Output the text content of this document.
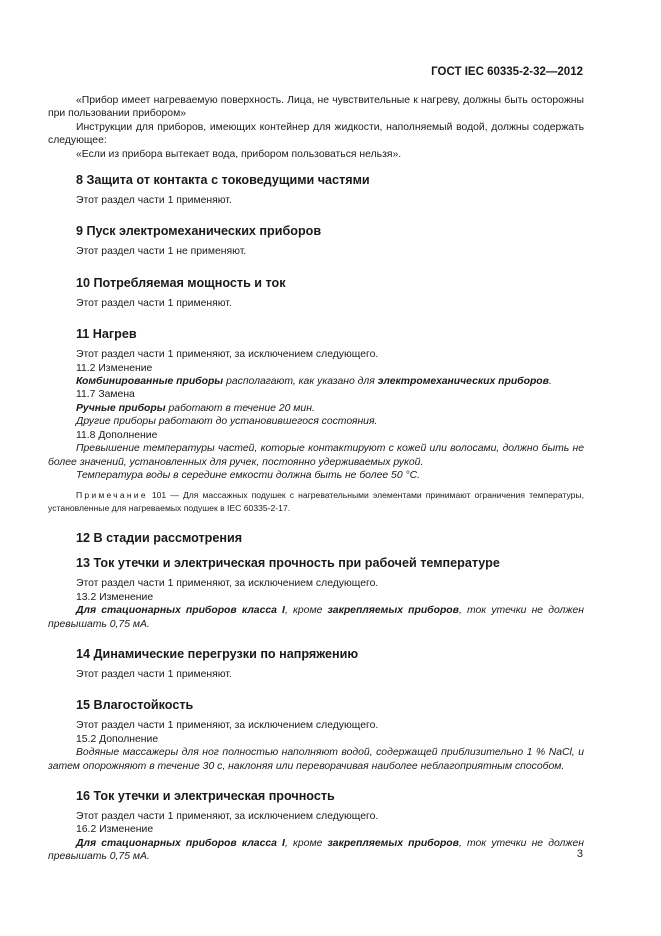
ГОСТ IEC 60335-2-32—2012

«Прибор имеет нагреваемую поверхность. Лица, не чувствительные к нагреву, должны быть осторожны при пользовании прибором»

Инструкции для приборов, имеющих контейнер для жидкости, наполняемый водой, должны содержать следующее:

«Если из прибора вытекает вода, прибором пользоваться нельзя».

8 Защита от контакта с токоведущими частями

Этот раздел части 1 применяют.

9 Пуск электромеханических приборов

Этот раздел части 1 не применяют.

10 Потребляемая мощность и ток

Этот раздел части 1 применяют.

11 Нагрев

Этот раздел части 1 применяют, за исключением следующего.

11.2 Изменение

Комбинированные приборы располагают, как указано для электромеханических приборов.

11.7 Замена

Ручные приборы работают в течение 20 мин.

Другие приборы работают до установившегося состояния.

11.8 Дополнение

Превышение температуры частей, которые контактируют с кожей или волосами, должно быть не более значений, установленных для ручек, постоянно удерживаемых рукой.

Температура воды в середине емкости должна быть не более 50 °С.

Примечание 101 — Для массажных подушек с нагревательными элементами принимают ограничения температуры, установленные для нагреваемых подушек в IEC 60335-2-17.

12 В стадии рассмотрения
13 Ток утечки и электрическая прочность при рабочей температуре

Этот раздел части 1 применяют, за исключением следующего.

13.2 Изменение

Для стационарных приборов класса I, кроме закрепляемых приборов, ток утечки не должен превышать 0,75 мА.

14 Динамические перегрузки по напряжению

Этот раздел части 1 применяют.

15 Влагостойкость

Этот раздел части 1 применяют, за исключением следующего.

15.2 Дополнение

Водяные массажеры для ног полностью наполняют водой, содержащей приблизительно 1 % NaCl, и затем опорожняют в течение 30 с, наклоняя или переворачивая наиболее неблагоприятным способом.

16 Ток утечки и электрическая прочность

Этот раздел части 1 применяют, за исключением следующего.

16.2 Изменение

Для стационарных приборов класса I, кроме закрепляемых приборов, ток утечки не должен превышать 0,75 мА.	3
